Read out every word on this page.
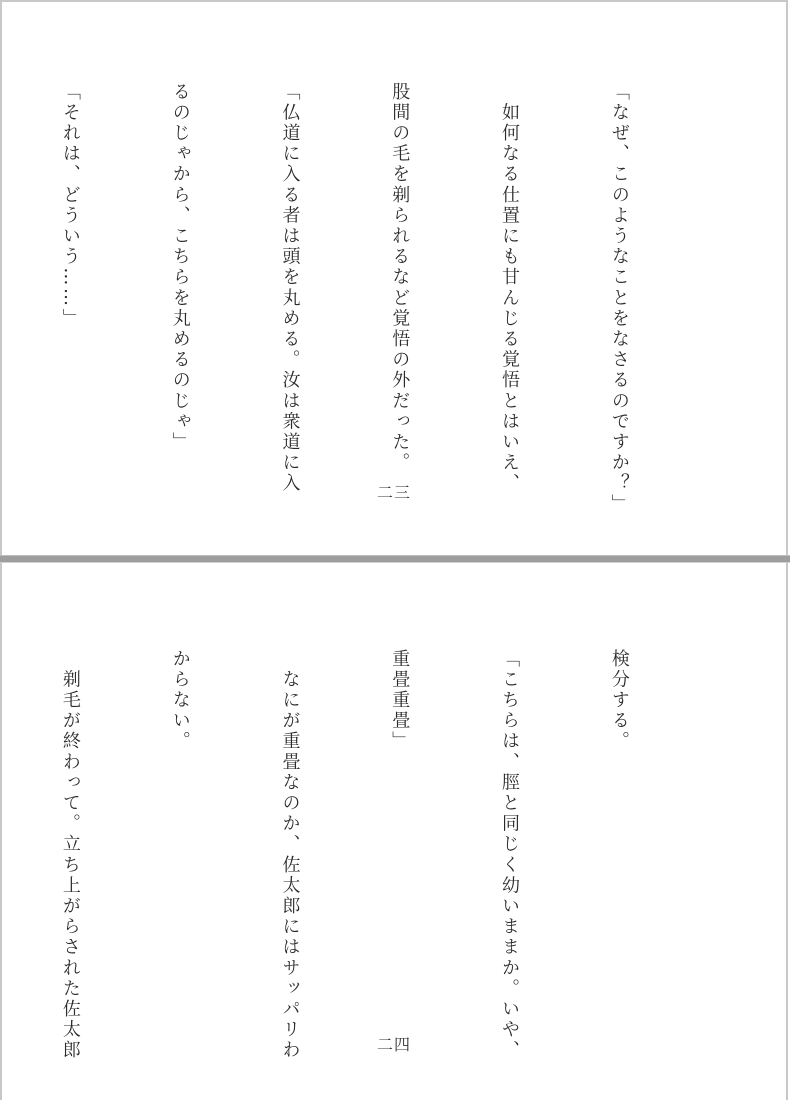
「なぜ、このようなことをなさるのですか？」

　如何なる仕置にも甘んじる覚悟とはいえ、

股間の毛を剃られるなど覚悟の外だった。

「仏道に入る者は頭を丸める。汝は衆道に入

るのじゃから、こちらを丸めるのじゃ」

「それは、どういう……」

二三

検分する。

「こちらは、脛と同じく幼いままか。いや、

重畳重畳」

　なにが重畳なのか、佐太郎にはサッパリわ

からない。

　剃毛が終わって。立ち上がらされた佐太郎

	二四
